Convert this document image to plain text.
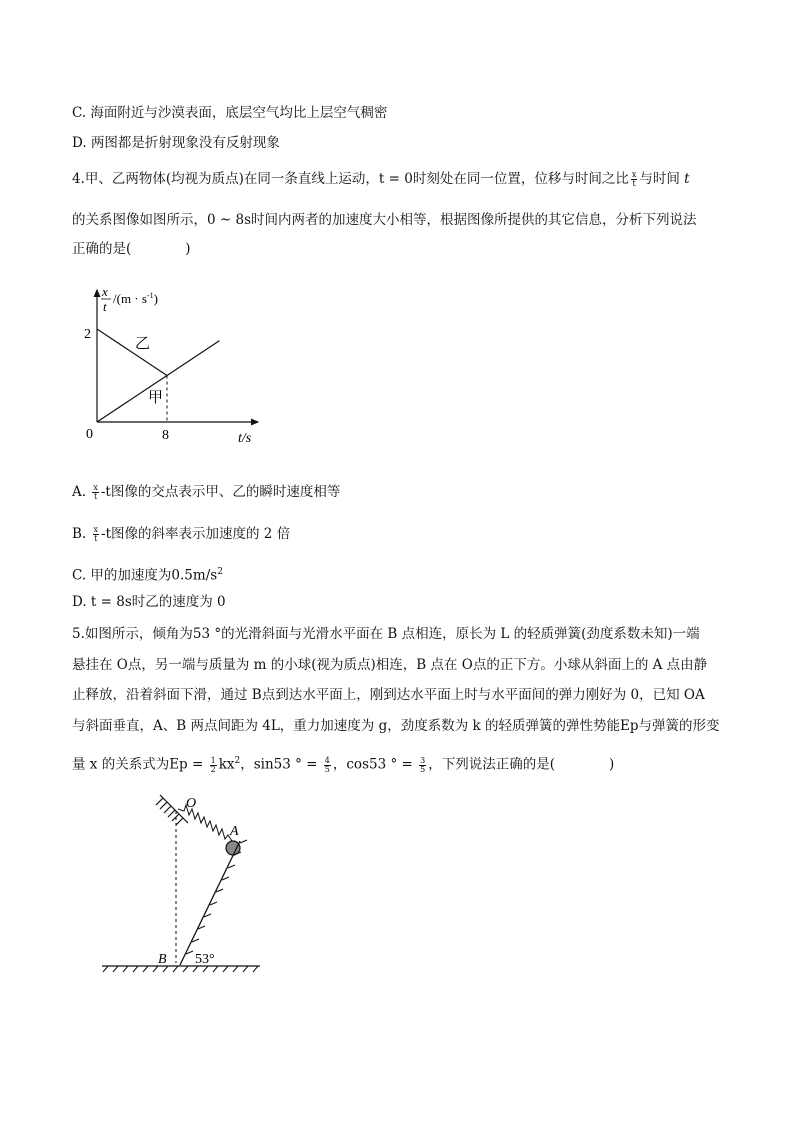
C. 海面附近与沙漠表面，底层空气均比上层空气稠密
D. 两图都是折射现象没有反射现象
4.甲、乙两物体(均视为质点)在同一条直线上运动，t = 0时刻处在同一位置，位移与时间之比 $\frac{x}{t}$ 与时间 t
的关系图像如图所示，0 ~ 8s时间内两者的加速度大小相等，根据图像所提供的其它信息，分析下列说法
正确的是(　　　　)
x
t
$/(m \cdot s^{-1})$
2
0	8	t/s
乙
甲
A. $\frac{x}{t} -t$图像的交点表示甲、乙的瞬时速度相等
B. $\frac{x}{t} -t$图像的斜率表示加速度的 2 倍
C. 甲的加速度为$0.5m/s^2$
D. t = 8s时乙的速度为 0
5.如图所示，倾角为53 °的光滑斜面与光滑水平面在 B 点相连，原长为 L 的轻质弹簧(劲度系数未知)一端
悬挂在 O点，另一端与质量为 m 的小球(视为质点)相连，B 点在 O点的正下方。小球从斜面上的 A 点由静
止释放，沿着斜面下滑，通过 B点到达水平面上，刚到达水平面上时与水平面间的弹力刚好为 0，已知 OA
与斜面垂直，A、B 两点间距为 4L，重力加速度为 g，劲度系数为 k 的轻质弹簧的弹性势能Ep与弹簧的形变
量 x 的关系式为$Ep = \frac{1}{2} kx^2$，sin53 ° = $\frac{4}{5}$ ，cos53 ° = $\frac{3}{5}$ ，下列说法正确的是(　　　　)
O
A
B 53°
